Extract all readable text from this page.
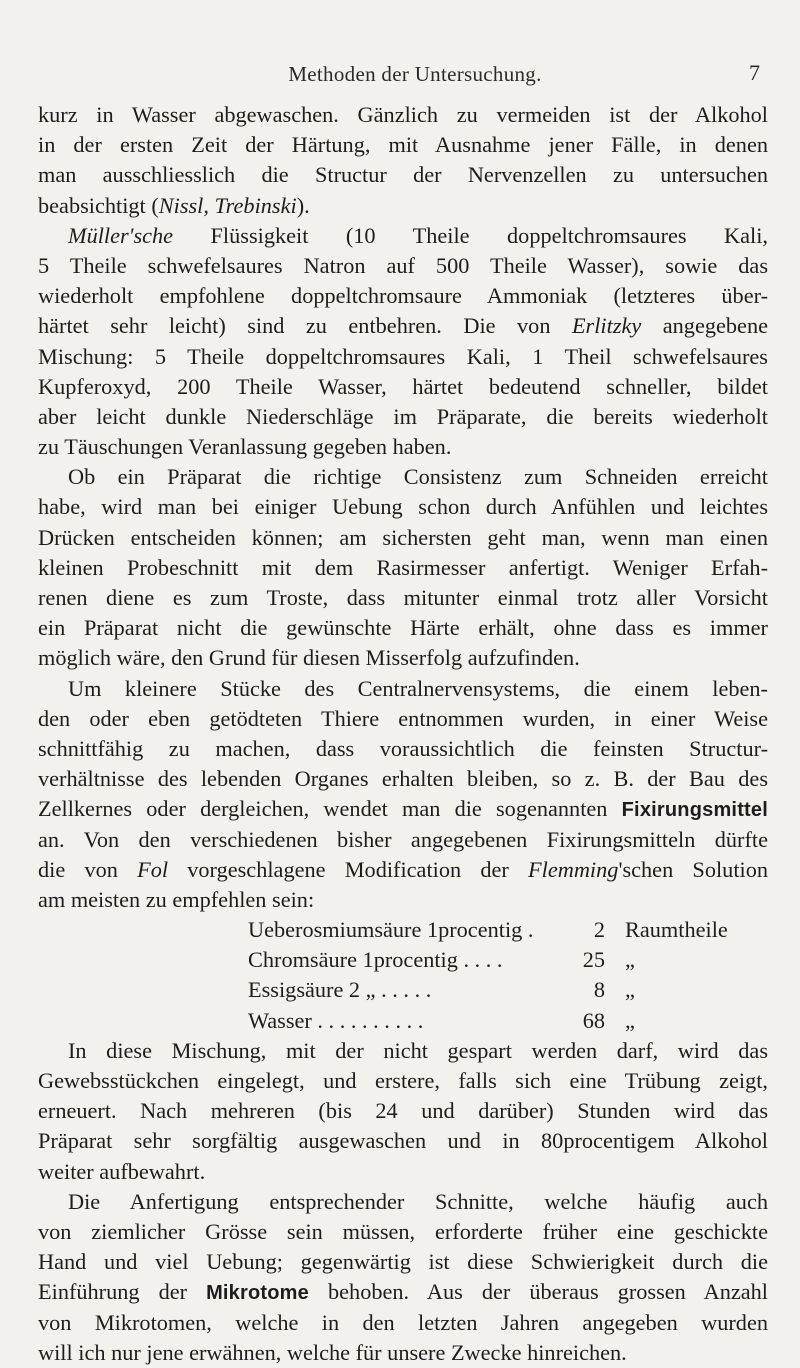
Methoden der Untersuchung.	7
kurz in Wasser abgewaschen. Gänzlich zu vermeiden ist der Alkohol
in der ersten Zeit der Härtung, mit Ausnahme jener Fälle, in denen
man ausschliesslich die Structur der Nervenzellen zu untersuchen
beabsichtigt (Nissl, Trebinski).
Müller'sche Flüssigkeit (10 Theile doppeltchromsaures Kali,
5 Theile schwefelsaures Natron auf 500 Theile Wasser), sowie das
wiederholt empfohlene doppeltchromsaure Ammoniak (letzteres über-
härtet sehr leicht) sind zu entbehren. Die von Erlitzky angegebene
Mischung: 5 Theile doppeltchromsaures Kali, 1 Theil schwefelsaures
Kupferoxyd, 200 Theile Wasser, härtet bedeutend schneller, bildet
aber leicht dunkle Niederschläge im Präparate, die bereits wiederholt
zu Täuschungen Veranlassung gegeben haben.
Ob ein Präparat die richtige Consistenz zum Schneiden erreicht
habe, wird man bei einiger Uebung schon durch Anfühlen und leichtes
Drücken entscheiden können; am sichersten geht man, wenn man einen
kleinen Probeschnitt mit dem Rasirmesser anfertigt. Weniger Erfah-
renen diene es zum Troste, dass mitunter einmal trotz aller Vorsicht
ein Präparat nicht die gewünschte Härte erhält, ohne dass es immer
möglich wäre, den Grund für diesen Misserfolg aufzufinden.
Um kleinere Stücke des Centralnervensystems, die einem leben-
den oder eben getödteten Thiere entnommen wurden, in einer Weise
schnittfähig zu machen, dass voraussichtlich die feinsten Structur-
verhältnisse des lebenden Organes erhalten bleiben, so z. B. der Bau des
Zellkernes oder dergleichen, wendet man die sogenannten Fixirungsmittel
an. Von den verschiedenen bisher angegebenen Fixirungsmitteln dürfte
die von Fol vorgeschlagene Modification der Flemming'schen Solution
am meisten zu empfehlen sein:
Ueberosmiumsäure 1procentig .	2 Raumtheile
Chromsäure 1procentig . . . .	25 „
Essigsäure 2 „ . . . . .	8 „
Wasser . . . . . . . . . .	68 „
In diese Mischung, mit der nicht gespart werden darf, wird das
Gewebsstückchen eingelegt, und erstere, falls sich eine Trübung zeigt,
erneuert. Nach mehreren (bis 24 und darüber) Stunden wird das
Präparat sehr sorgfältig ausgewaschen und in 80procentigem Alkohol
weiter aufbewahrt.
Die Anfertigung entsprechender Schnitte, welche häufig auch
von ziemlicher Grösse sein müssen, erforderte früher eine geschickte
Hand und viel Uebung; gegenwärtig ist diese Schwierigkeit durch die
Einführung der Mikrotome behoben. Aus der überaus grossen Anzahl
von Mikrotomen, welche in den letzten Jahren angegeben wurden
will ich nur jene erwähnen, welche für unsere Zwecke hinreichen.
